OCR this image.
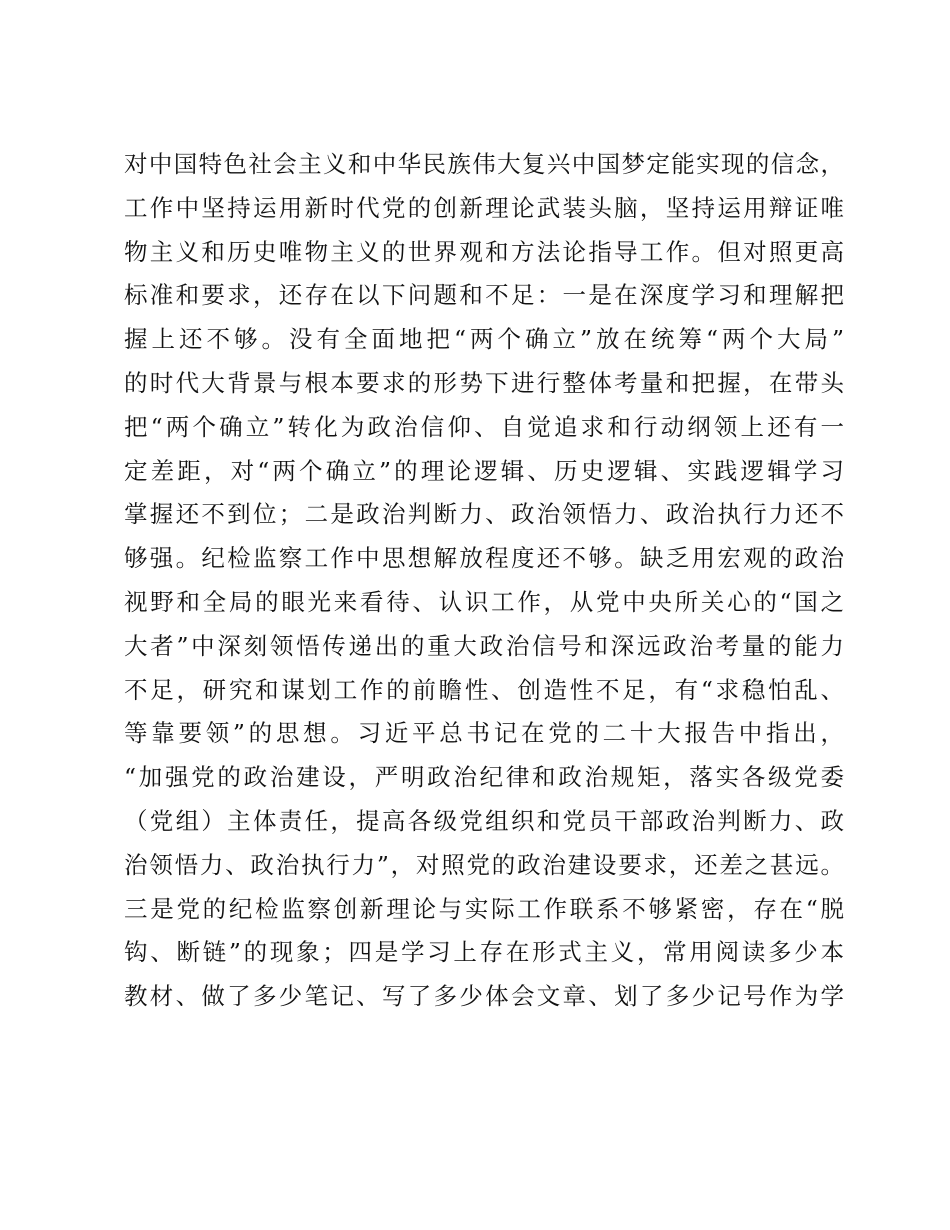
对中国特色社会主义和中华民族伟大复兴中国梦定能实现的信念，
工作中坚持运用新时代党的创新理论武装头脑，坚持运用辩证唯
物主义和历史唯物主义的世界观和方法论指导工作。但对照更高
标准和要求，还存在以下问题和不足：一是在深度学习和理解把
握上还不够。没有全面地把“两个确立”放在统筹“两个大局”
的时代大背景与根本要求的形势下进行整体考量和把握，在带头
把“两个确立”转化为政治信仰、自觉追求和行动纲领上还有一
定差距，对“两个确立”的理论逻辑、历史逻辑、实践逻辑学习
掌握还不到位；二是政治判断力、政治领悟力、政治执行力还不
够强。纪检监察工作中思想解放程度还不够。缺乏用宏观的政治
视野和全局的眼光来看待、认识工作，从党中央所关心的“国之
大者”中深刻领悟传递出的重大政治信号和深远政治考量的能力
不足，研究和谋划工作的前瞻性、创造性不足，有“求稳怕乱、
等靠要领”的思想。习近平总书记在党的二十大报告中指出，
“加强党的政治建设，严明政治纪律和政治规矩，落实各级党委
（党组）主体责任，提高各级党组织和党员干部政治判断力、政
治领悟力、政治执行力”，对照党的政治建设要求，还差之甚远。
三是党的纪检监察创新理论与实际工作联系不够紧密，存在“脱
钩、断链”的现象；四是学习上存在形式主义，常用阅读多少本
教材、做了多少笔记、写了多少体会文章、划了多少记号作为学
